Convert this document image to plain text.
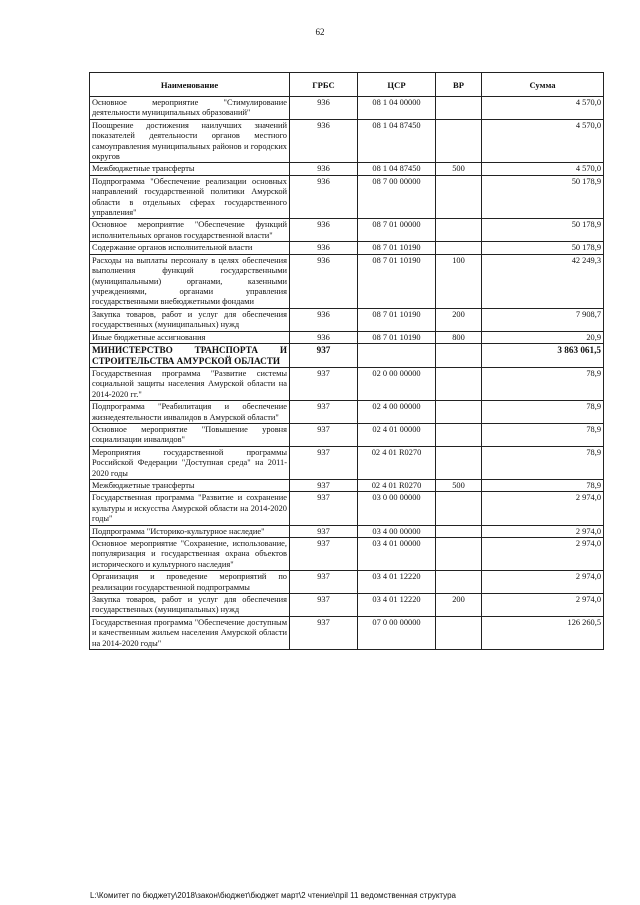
62
Наименование	ГРБС	ЦСР	ВР	Сумма
Основное мероприятие "Стимулирование деятельности муниципальных образований"	936	08 1 04 00000		4 570,0
Поощрение достижения наилучших значений показателей деятельности органов местного самоуправления муниципальных районов и городских округов	936	08 1 04 87450		4 570,0
Межбюджетные трансферты	936	08 1 04 87450	500	4 570,0
Подпрограмма "Обеспечение реализации основных направлений государственной политики Амурской области в отдельных сферах государственного управления"	936	08 7 00 00000		50 178,9
Основное мероприятие "Обеспечение функций исполнительных органов государственной власти"	936	08 7 01 00000		50 178,9
Содержание органов исполнительной власти	936	08 7 01 10190		50 178,9
Расходы на выплаты персоналу в целях обеспечения выполнения функций государственными (муниципальными) органами, казенными учреждениями, органами управления государственными внебюджетными фондами	936	08 7 01 10190	100	42 249,3
Закупка товаров, работ и услуг для обеспечения государственных (муниципальных) нужд	936	08 7 01 10190	200	7 908,7
Иные бюджетные ассигнования	936	08 7 01 10190	800	20,9
МИНИСТЕРСТВО ТРАНСПОРТА И СТРОИТЕЛЬСТВА АМУРСКОЙ ОБЛАСТИ	937			3 863 061,5
Государственная программа "Развитие системы социальной защиты населения Амурской области на 2014-2020 гг."	937	02 0 00 00000		78,9
Подпрограмма "Реабилитация и обеспечение жизнедеятельности инвалидов в Амурской области"	937	02 4 00 00000		78,9
Основное мероприятие "Повышение уровня социализации инвалидов"	937	02 4 01 00000		78,9
Мероприятия государственной программы Российской Федерации "Доступная среда" на 2011-2020 годы	937	02 4 01 R0270		78,9
Межбюджетные трансферты	937	02 4 01 R0270	500	78,9
Государственная программа "Развитие и сохранение культуры и искусства Амурской области на 2014-2020 годы"	937	03 0 00 00000		2 974,0
Подпрограмма "Историко-культурное наследие"	937	03 4 00 00000		2 974,0
Основное мероприятие "Сохранение, использование, популяризация и государственная охрана объектов исторического и культурного наследия"	937	03 4 01 00000		2 974,0
Организация и проведение мероприятий по реализации государственной подпрограммы	937	03 4 01 12220		2 974,0
Закупка товаров, работ и услуг для обеспечения государственных (муниципальных) нужд	937	03 4 01 12220	200	2 974,0
Государственная программа "Обеспечение доступным и качественным жильем населения Амурской области на 2014-2020 годы"	937	07 0 00 00000		126 260,5
L:\Комитет по бюджету\2018\закон\бюджет\бюджет март\2 чтение\прil 11 ведомственная структура
